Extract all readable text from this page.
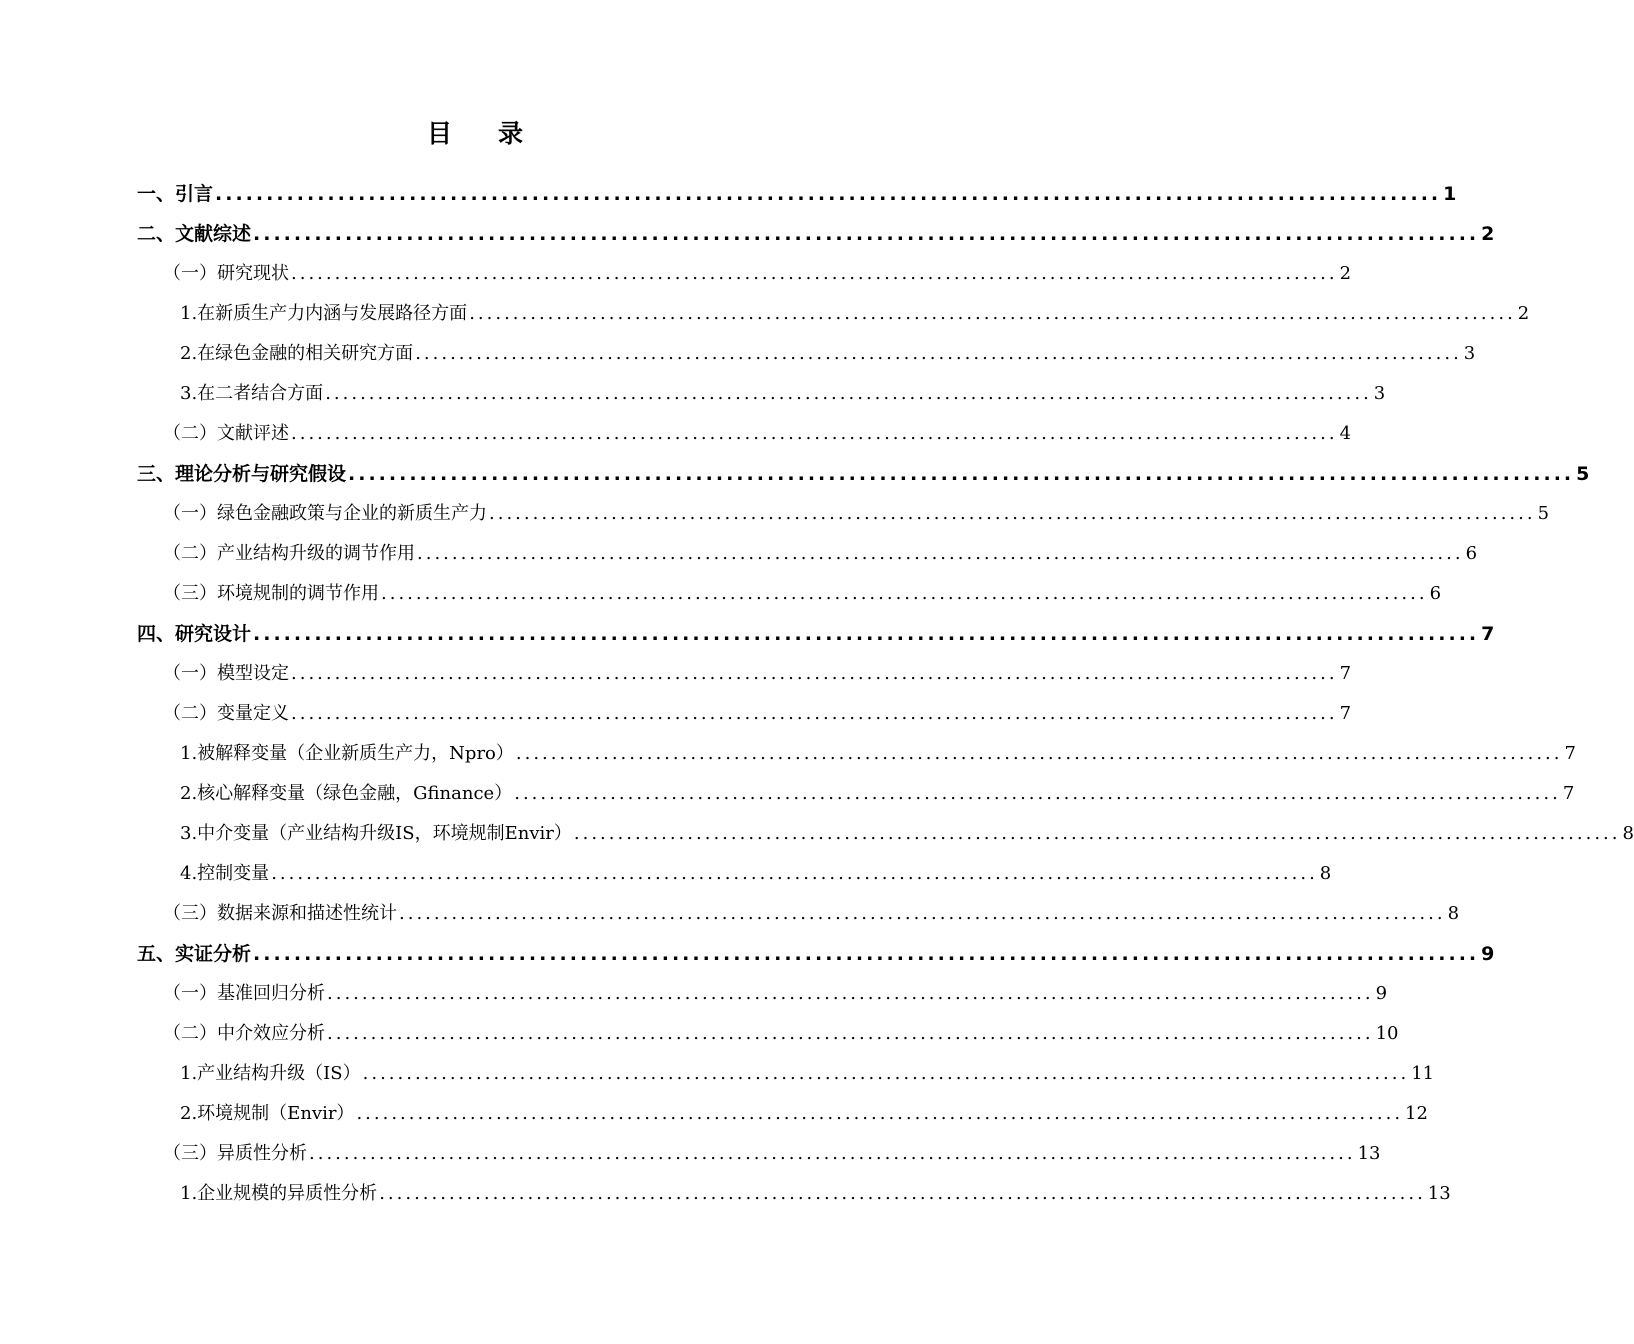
目 录
一、引言 ........................................................................................................................ 1
二、文献综述 ........................................................................................................................ 2
（一）研究现状 ........................................................................................................................ 2
1.在新质生产力内涵与发展路径方面 ........................................................................................................................ 2
2.在绿色金融的相关研究方面 ........................................................................................................................ 3
3.在二者结合方面 ........................................................................................................................ 3
（二）文献评述 ........................................................................................................................ 4
三、理论分析与研究假设 ........................................................................................................................ 5
（一）绿色金融政策与企业的新质生产力 ........................................................................................................................ 5
（二）产业结构升级的调节作用 ........................................................................................................................ 6
（三）环境规制的调节作用 ........................................................................................................................ 6
四、研究设计 ........................................................................................................................ 7
（一）模型设定 ........................................................................................................................ 7
（二）变量定义 ........................................................................................................................ 7
1.被解释变量（企业新质生产力，Npro） ........................................................................................................................ 7
2.核心解释变量（绿色金融，Gfinance） ........................................................................................................................ 7
3.中介变量（产业结构升级IS，环境规制Envir） ........................................................................................................................ 8
4.控制变量 ........................................................................................................................ 8
（三）数据来源和描述性统计 ........................................................................................................................ 8
五、实证分析 ........................................................................................................................ 9
（一）基准回归分析 ........................................................................................................................ 9
（二）中介效应分析 ........................................................................................................................ 10
1.产业结构升级（IS） ........................................................................................................................ 11
2.环境规制（Envir） ........................................................................................................................ 12
（三）异质性分析 ........................................................................................................................ 13
1.企业规模的异质性分析 ........................................................................................................................ 13
